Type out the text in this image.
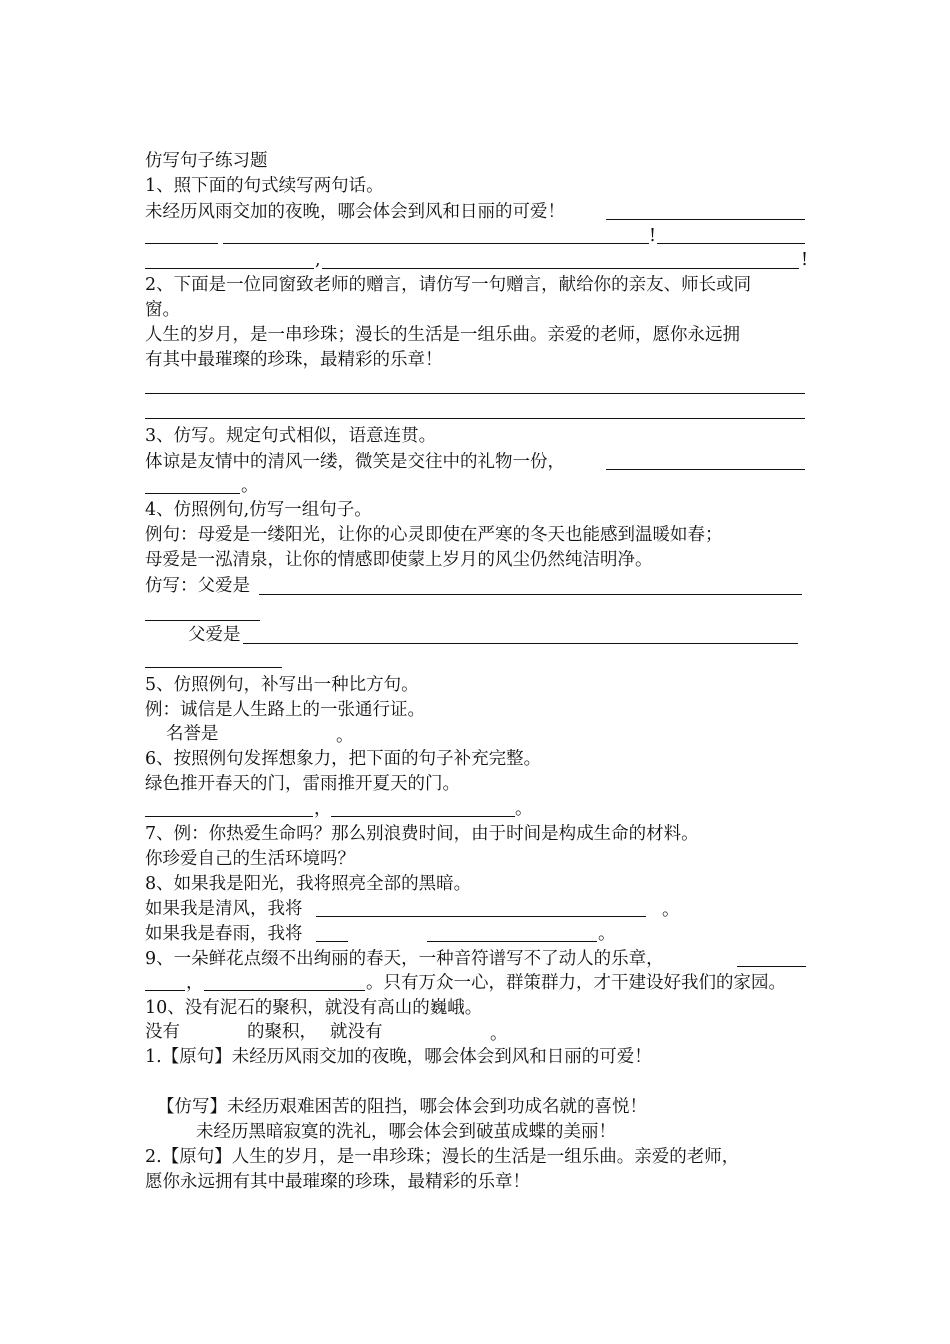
仿写句子练习题
1、照下面的句式续写两句话。
未经历风雨交加的夜晚，哪会体会到风和日丽的可爱！
!
,	!
2、下面是一位同窗致老师的赠言，请仿写一句赠言，献给你的亲友、师长或同
窗。
人生的岁月，是一串珍珠；漫长的生活是一组乐曲。亲爱的老师，愿你永远拥
有其中最璀璨的珍珠，最精彩的乐章！
3、仿写。规定句式相似，语意连贯。
体谅是友情中的清风一缕，微笑是交往中的礼物一份，
。
4、仿照例句,仿写一组句子。
例句：母爱是一缕阳光，让你的心灵即使在严寒的冬天也能感到温暖如春；
母爱是一泓清泉，让你的情感即使蒙上岁月的风尘仍然纯洁明净。
仿写：父爱是
父爱是
5、仿照例句，补写出一种比方句。
例：诚信是人生路上的一张通行证。
名誉是	。
6、按照例句发挥想象力，把下面的句子补充完整。
绿色推开春天的门，雷雨推开夏天的门。
，	。
7、例：你热爱生命吗？那么别浪费时间，由于时间是构成生命的材料。
你珍爱自己的生活环境吗？
8、如果我是阳光，我将照亮全部的黑暗。
如果我是清风，我将	。
如果我是春雨，我将	。
9、一朵鲜花点缀不出绚丽的春天，一种音符谱写不了动人的乐章，
，	。只有万众一心，群策群力，才干建设好我们的家园。
10、没有泥石的聚积，就没有高山的巍峨。
没有	的聚积， 就没有	。
1.【原句】未经历风雨交加的夜晚，哪会体会到风和日丽的可爱！
【仿写】未经历艰难困苦的阻挡，哪会体会到功成名就的喜悦！
未经历黑暗寂寞的洗礼，哪会体会到破茧成蝶的美丽！
2.【原句】人生的岁月，是一串珍珠；漫长的生活是一组乐曲。亲爱的老师，
愿你永远拥有其中最璀璨的珍珠，最精彩的乐章！
